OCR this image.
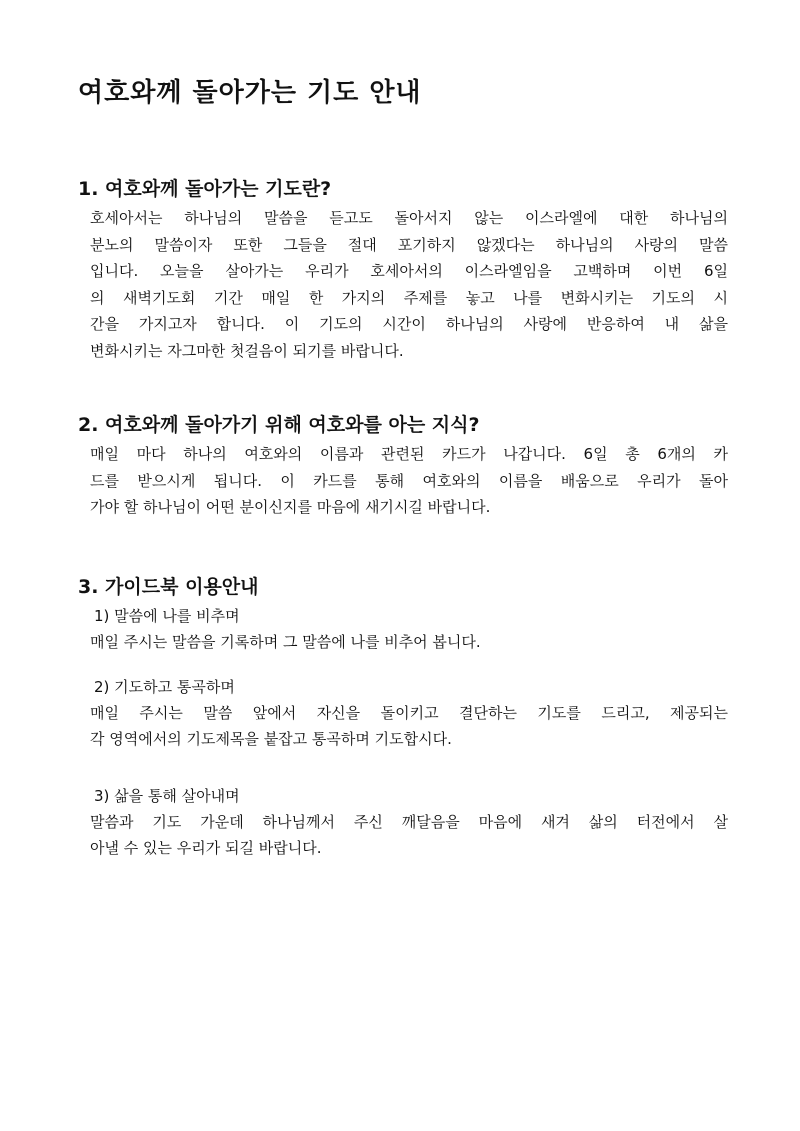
여호와께 돌아가는 기도 안내
1. 여호와께 돌아가는 기도란?

호세아서는 하나님의 말씀을 듣고도 돌아서지 않는 이스라엘에 대한 하나님의
분노의 말씀이자 또한 그들을 절대 포기하지 않겠다는 하나님의 사랑의 말씀
입니다. 오늘을 살아가는 우리가 호세아서의 이스라엘임을 고백하며 이번 6일
의 새벽기도회 기간 매일 한 가지의 주제를 놓고 나를 변화시키는 기도의 시
간을 가지고자 합니다. 이 기도의 시간이 하나님의 사랑에 반응하여 내 삶을
변화시키는 자그마한 첫걸음이 되기를 바랍니다.

2. 여호와께 돌아가기 위해 여호와를 아는 지식?

매일 마다 하나의 여호와의 이름과 관련된 카드가 나갑니다. 6일 총 6개의 카
드를 받으시게 됩니다. 이 카드를 통해 여호와의 이름을 배움으로 우리가 돌아
가야 할 하나님이 어떤 분이신지를 마음에 새기시길 바랍니다.

3. 가이드북 이용안내

1) 말씀에 나를 비추며

매일 주시는 말씀을 기록하며 그 말씀에 나를 비추어 봅니다.

2) 기도하고 통곡하며

매일 주시는 말씀 앞에서 자신을 돌이키고 결단하는 기도를 드리고, 제공되는
각 영역에서의 기도제목을 붙잡고 통곡하며 기도합시다.

3) 삶을 통해 살아내며

말씀과 기도 가운데 하나님께서 주신 깨달음을 마음에 새겨 삶의 터전에서 살
아낼 수 있는 우리가 되길 바랍니다.
